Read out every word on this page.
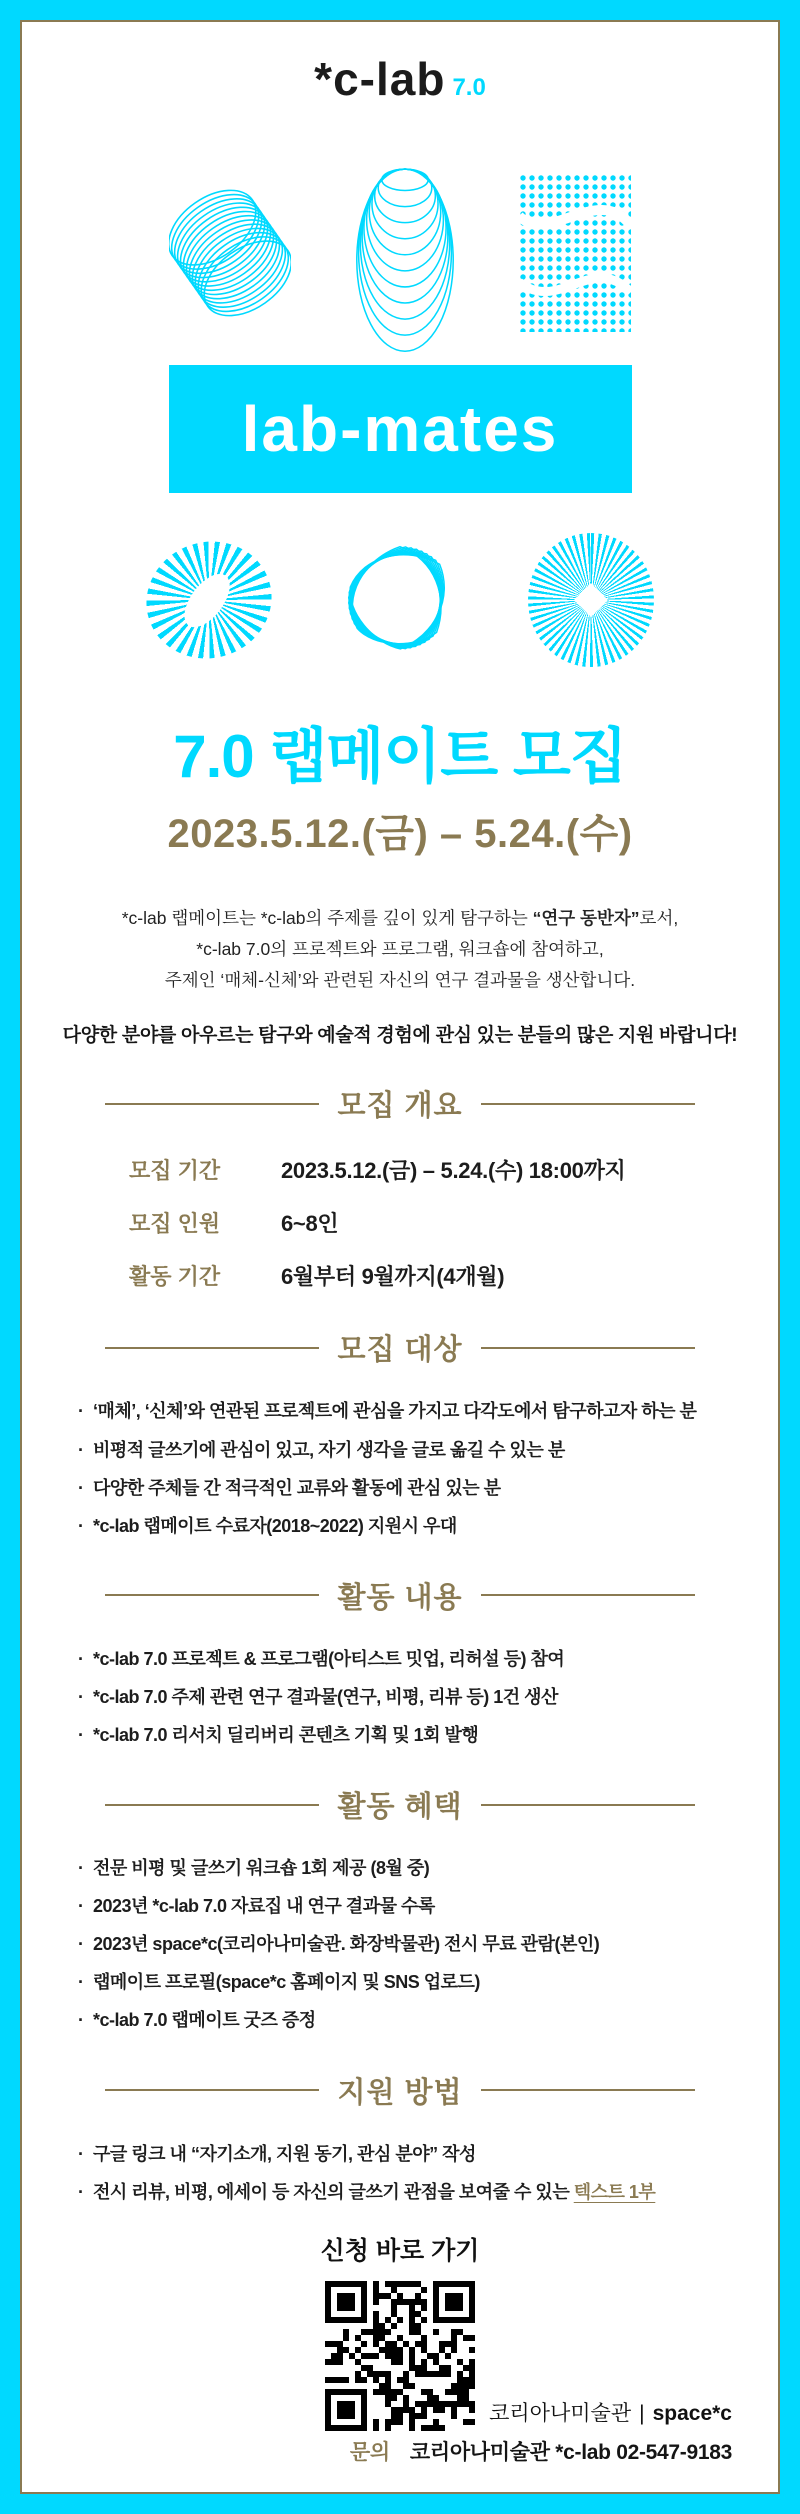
*c-lab 7.0
lab-mates
7.0 랩메이트 모집
2023.5.12.(금) – 5.24.(수)
*c-lab 랩메이트는 *c-lab의 주제를 깊이 있게 탐구하는 “연구 동반자”로서,
*c-lab 7.0의 프로젝트와 프로그램, 워크숍에 참여하고,
주제인 ‘매체-신체’와 관련된 자신의 연구 결과물을 생산합니다.
다양한 분야를 아우르는 탐구와 예술적 경험에 관심 있는 분들의 많은 지원 바랍니다!
모집 개요
모집 기간	2023.5.12.(금) – 5.24.(수) 18:00까지
모집 인원	6~8인
활동 기간	6월부터 9월까지(4개월)
모집 대상
· ‘매체’, ‘신체’와 연관된 프로젝트에 관심을 가지고 다각도에서 탐구하고자 하는 분
· 비평적 글쓰기에 관심이 있고, 자기 생각을 글로 옮길 수 있는 분
· 다양한 주체들 간 적극적인 교류와 활동에 관심 있는 분
· *c-lab 랩메이트 수료자(2018~2022) 지원시 우대
활동 내용
· *c-lab 7.0 프로젝트 & 프로그램(아티스트 밋업, 리허설 등) 참여
· *c-lab 7.0 주제 관련 연구 결과물(연구, 비평, 리뷰 등) 1건 생산
· *c-lab 7.0 리서치 딜리버리 콘텐츠 기획 및 1회 발행
활동 혜택
· 전문 비평 및 글쓰기 워크숍 1회 제공 (8월 중)
· 2023년 *c-lab 7.0 자료집 내 연구 결과물 수록
· 2023년 space*c(코리아나미술관. 화장박물관) 전시 무료 관람(본인)
· 랩메이트 프로필(space*c 홈페이지 및 SNS 업로드)
· *c-lab 7.0 랩메이트 굿즈 증정
지원 방법
· 구글 링크 내 “자기소개, 지원 동기, 관심 분야” 작성
· 전시 리뷰, 비평, 에세이 등 자신의 글쓰기 관점을 보여줄 수 있는 텍스트 1부
신청 바로 가기
코리아나미술관 | space*c
문의 코리아나미술관 *c-lab 02-547-9183
